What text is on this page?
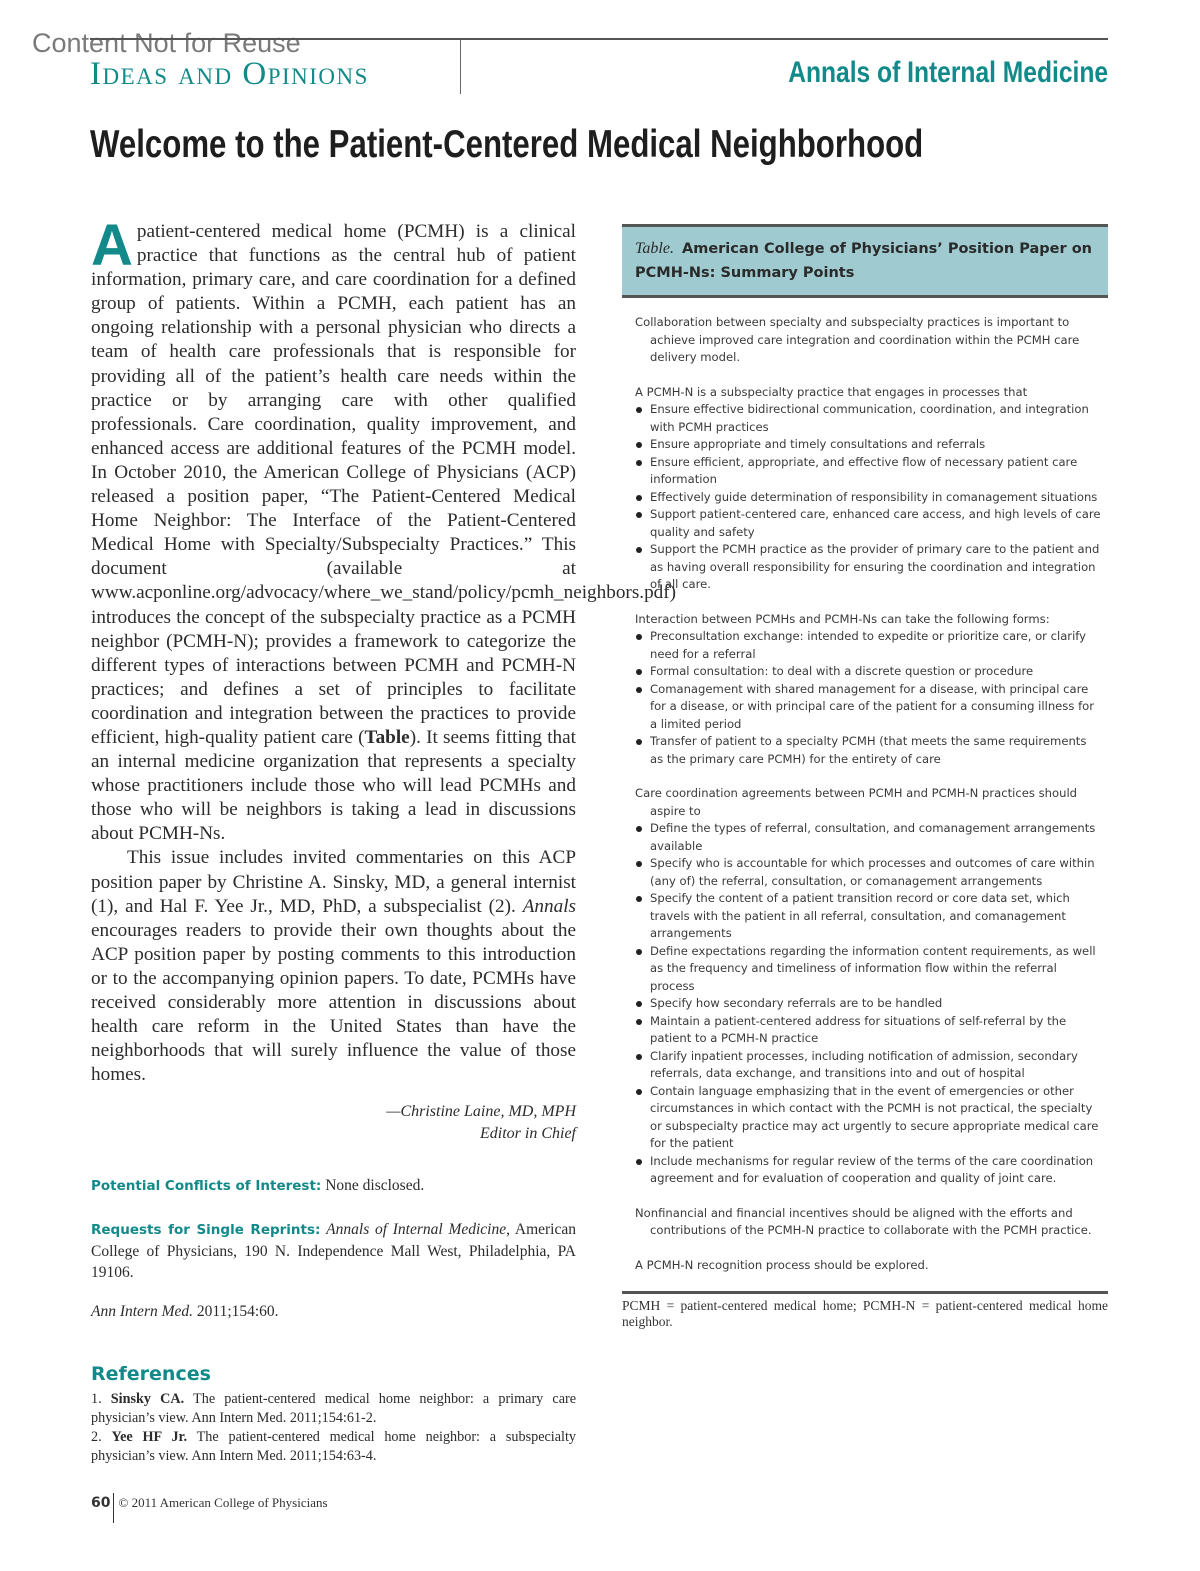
Content Not for Reuse
Ideas and Opinions	Annals of Internal Medicine
Welcome to the Patient-Centered Medical Neighborhood

A patient-centered medical home (PCMH) is a clinical practice that functions as the central hub of patient information, primary care, and care coordination for a defined group of patients. Within a PCMH, each patient has an ongoing relationship with a personal physician who directs a team of health care professionals that is responsible for providing all of the patient’s health care needs within the practice or by arranging care with other qualified professionals. Care coordination, quality improvement, and enhanced access are additional features of the PCMH model. In October 2010, the American College of Physicians (ACP) released a position paper, “The Patient-Centered Medical Home Neighbor: The Interface of the Patient-Centered Medical Home with Specialty/Subspecialty Practices.” This document (available at www.acponline.org/advocacy/where_we_stand/policy/pcmh_neighbors.pdf) introduces the concept of the subspecialty practice as a PCMH neighbor (PCMH-N); provides a framework to categorize the different types of interactions between PCMH and PCMH-N practices; and defines a set of principles to facilitate coordination and integration between the practices to provide efficient, high-quality patient care (Table). It seems fitting that an internal medicine organization that represents a specialty whose practitioners include those who will lead PCMHs and those who will be neighbors is taking a lead in discussions about PCMH-Ns.

This issue includes invited commentaries on this ACP position paper by Christine A. Sinsky, MD, a general internist (1), and Hal F. Yee Jr., MD, PhD, a subspecialist (2). Annals encourages readers to provide their own thoughts about the ACP position paper by posting comments to this introduction or to the accompanying opinion papers. To date, PCMHs have received considerably more attention in discussions about health care reform in the United States than have the neighborhoods that will surely influence the value of those homes.

—Christine Laine, MD, MPH
Editor in Chief

Potential Conflicts of Interest: None disclosed.

Requests for Single Reprints: Annals of Internal Medicine, American College of Physicians, 190 N. Independence Mall West, Philadelphia, PA 19106.

Ann Intern Med. 2011;154:60.

References
1. Sinsky CA. The patient-centered medical home neighbor: a primary care physician’s view. Ann Intern Med. 2011;154:61-2.
2. Yee HF Jr. The patient-centered medical home neighbor: a subspecialty physician’s view. Ann Intern Med. 2011;154:63-4.
60 © 2011 American College of Physicians
Table. American College of Physicians’ Position Paper on PCMH-Ns: Summary Points
Collaboration between specialty and subspecialty practices is important to achieve improved care integration and coordination within the PCMH care delivery model.
A PCMH-N is a subspecialty practice that engages in processes that
Ensure effective bidirectional communication, coordination, and integration with PCMH practices
Ensure appropriate and timely consultations and referrals
Ensure efficient, appropriate, and effective flow of necessary patient care information
Effectively guide determination of responsibility in comanagement situations
Support patient-centered care, enhanced care access, and high levels of care quality and safety
Support the PCMH practice as the provider of primary care to the patient and as having overall responsibility for ensuring the coordination and integration of all care.
Interaction between PCMHs and PCMH-Ns can take the following forms:
Preconsultation exchange: intended to expedite or prioritize care, or clarify need for a referral
Formal consultation: to deal with a discrete question or procedure
Comanagement with shared management for a disease, with principal care for a disease, or with principal care of the patient for a consuming illness for a limited period
Transfer of patient to a specialty PCMH (that meets the same requirements as the primary care PCMH) for the entirety of care
Care coordination agreements between PCMH and PCMH-N practices should aspire to
Define the types of referral, consultation, and comanagement arrangements available
Specify who is accountable for which processes and outcomes of care within (any of) the referral, consultation, or comanagement arrangements
Specify the content of a patient transition record or core data set, which travels with the patient in all referral, consultation, and comanagement arrangements
Define expectations regarding the information content requirements, as well as the frequency and timeliness of information flow within the referral process
Specify how secondary referrals are to be handled
Maintain a patient-centered address for situations of self-referral by the patient to a PCMH-N practice
Clarify inpatient processes, including notification of admission, secondary referrals, data exchange, and transitions into and out of hospital
Contain language emphasizing that in the event of emergencies or other circumstances in which contact with the PCMH is not practical, the specialty or subspecialty practice may act urgently to secure appropriate medical care for the patient
Include mechanisms for regular review of the terms of the care coordination agreement and for evaluation of cooperation and quality of joint care.
Nonfinancial and financial incentives should be aligned with the efforts and contributions of the PCMH-N practice to collaborate with the PCMH practice.
A PCMH-N recognition process should be explored.
PCMH = patient-centered medical home; PCMH-N = patient-centered medical home neighbor.
